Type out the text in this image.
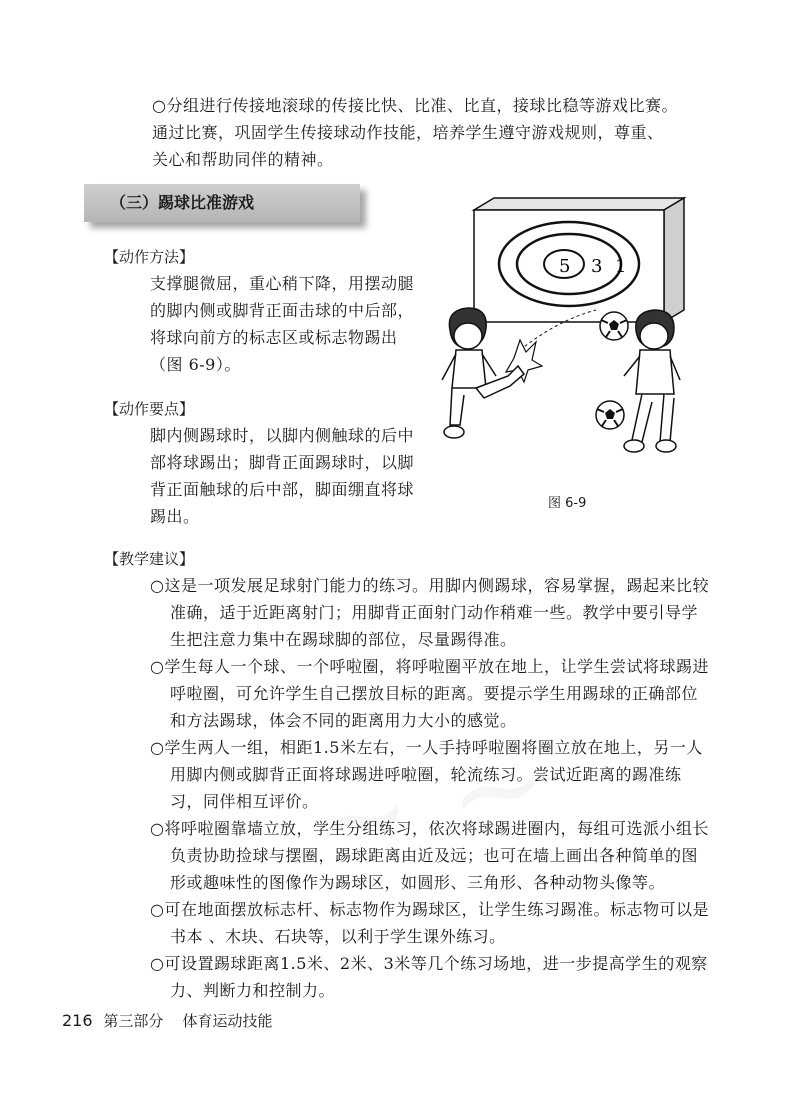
○分组进行传接地滚球的传接比快、比准、比直，接球比稳等游戏比赛。
通过比赛，巩固学生传接球动作技能，培养学生遵守游戏规则，尊重、
关心和帮助同伴的精神。
（三）踢球比准游戏
【动作方法】
支撑腿微屈，重心稍下降，用摆动腿
的脚内侧或脚背正面击球的中后部，
将球向前方的标志区或标志物踢出
（图 6-9）。
【动作要点】
脚内侧踢球时，以脚内侧触球的后中
部将球踢出；脚背正面踢球时，以脚
背正面触球的后中部，脚面绷直将球
踢出。
5 3 1
图 6-9
【教学建议】

○这是一项发展足球射门能力的练习。用脚内侧踢球，容易掌握，踢起来比较准确，适于近距离射门；用脚背正面射门动作稍难一些。教学中要引导学生把注意力集中在踢球脚的部位，尽量踢得准。

○学生每人一个球、一个呼啦圈，将呼啦圈平放在地上，让学生尝试将球踢进呼啦圈，可允许学生自己摆放目标的距离。要提示学生用踢球的正确部位和方法踢球，体会不同的距离用力大小的感觉。

○学生两人一组，相距1.5米左右，一人手持呼啦圈将圈立放在地上，另一人用脚内侧或脚背正面将球踢进呼啦圈，轮流练习。尝试近距离的踢准练习，同伴相互评价。

○将呼啦圈靠墙立放，学生分组练习，依次将球踢进圈内，每组可选派小组长负责协助捡球与摆圈，踢球距离由近及远；也可在墙上画出各种简单的图形或趣味性的图像作为踢球区，如圆形、三角形、各种动物头像等。

○可在地面摆放标志杆、标志物作为踢球区，让学生练习踢准。标志物可以是书本 、木块、石块等，以利于学生课外练习。

○可设置踢球距离1.5米、2米、3米等几个练习场地，进一步提高学生的观察力、判断力和控制力。

216 第三部分 体育运动技能
